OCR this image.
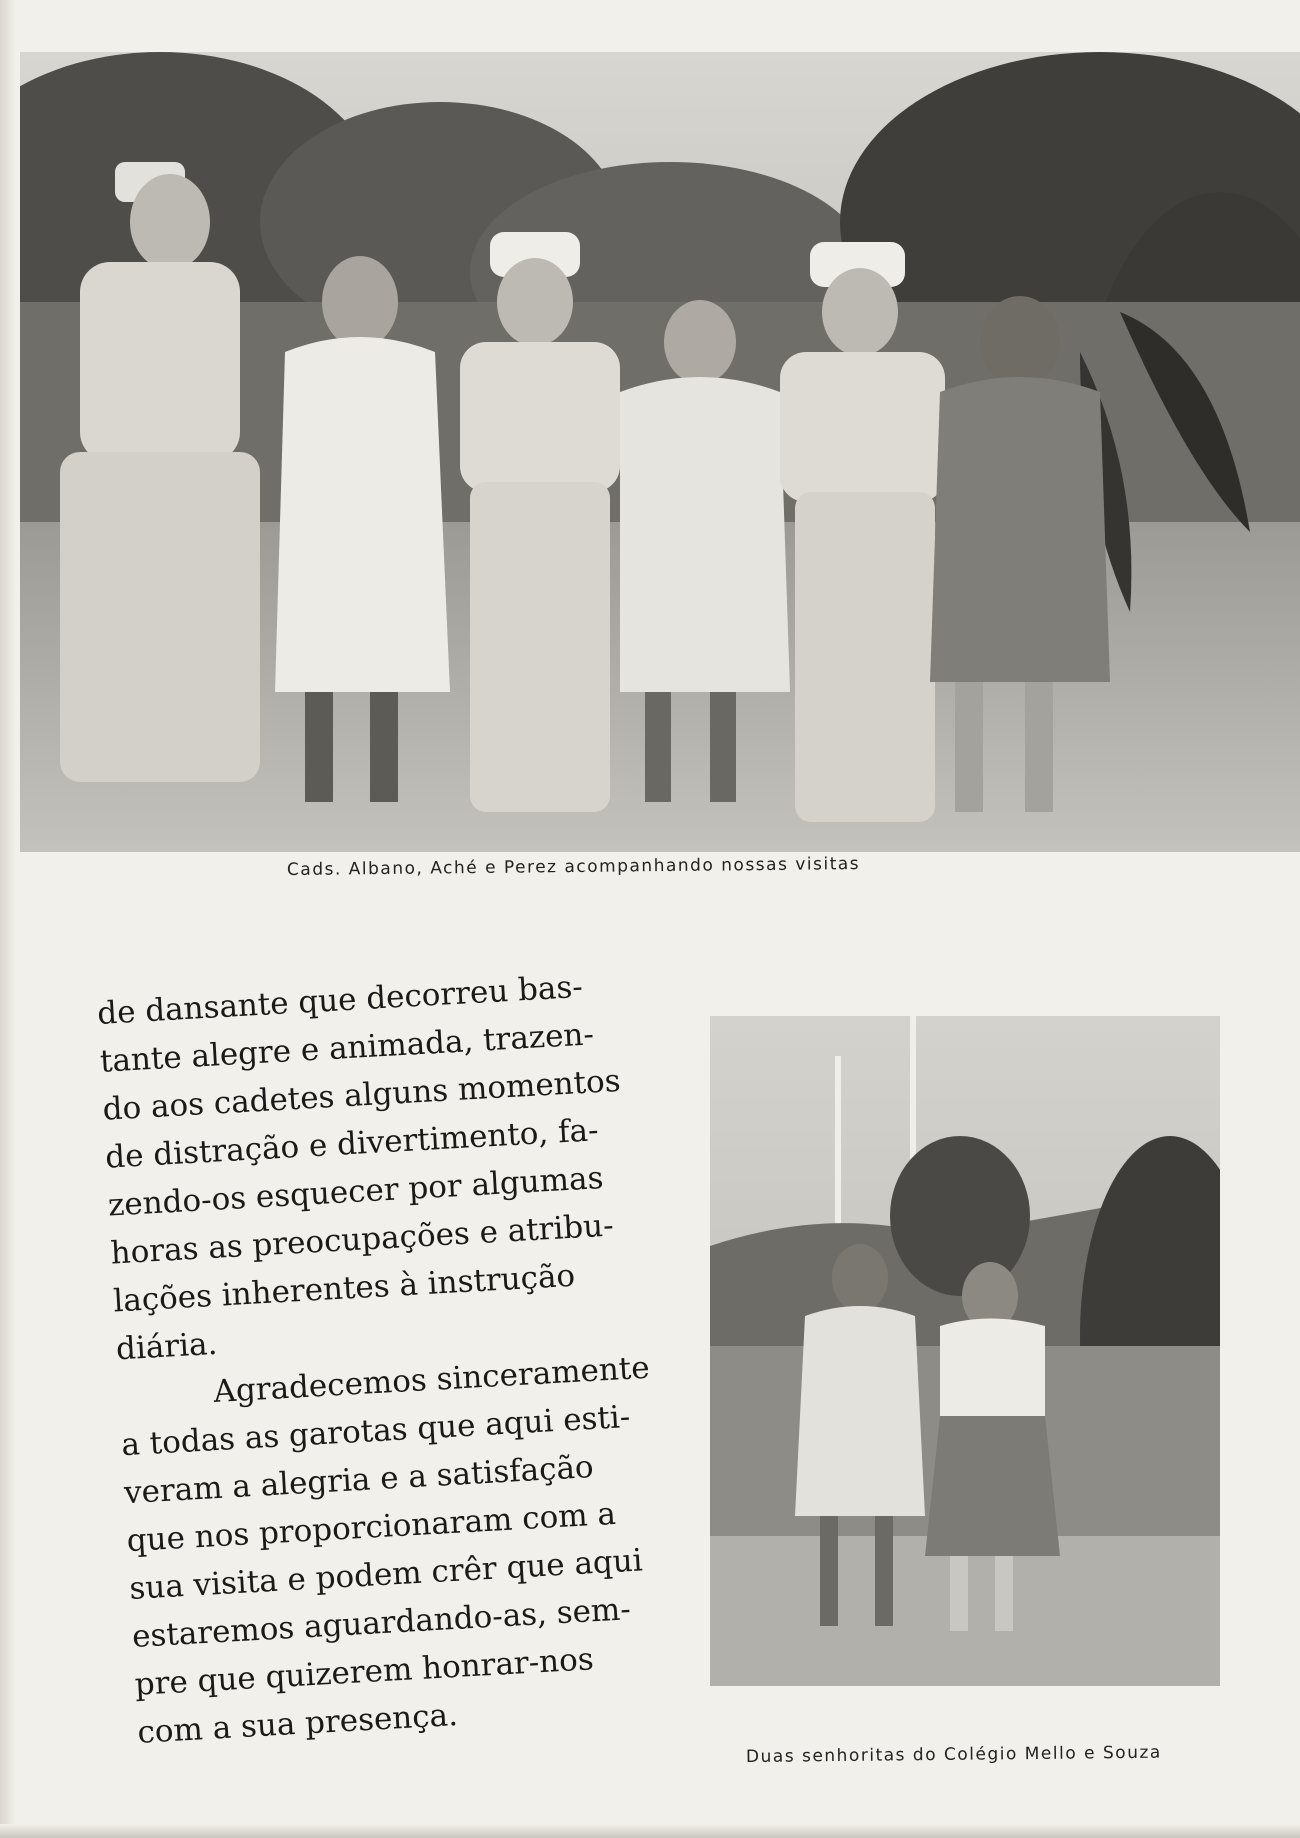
Cads. Albano, Aché e Perez acompanhando nossas visitas

de dansante que decorreu bas-
tante alegre e animada, trazen-
do aos cadetes alguns momentos
de distração e divertimento, fa-
zendo-os esquecer por algumas
horas as preocupações e atribu-
lações inherentes à instrução
diária.

Agradecemos sinceramente
a todas as garotas que aqui esti-
veram a alegria e a satisfação
que nos proporcionaram com a
sua visita e podem crêr que aqui
estaremos aguardando-as, sem-
pre que quizerem honrar-nos
com a sua presença.

Duas senhoritas do Colégio Mello e Souza
